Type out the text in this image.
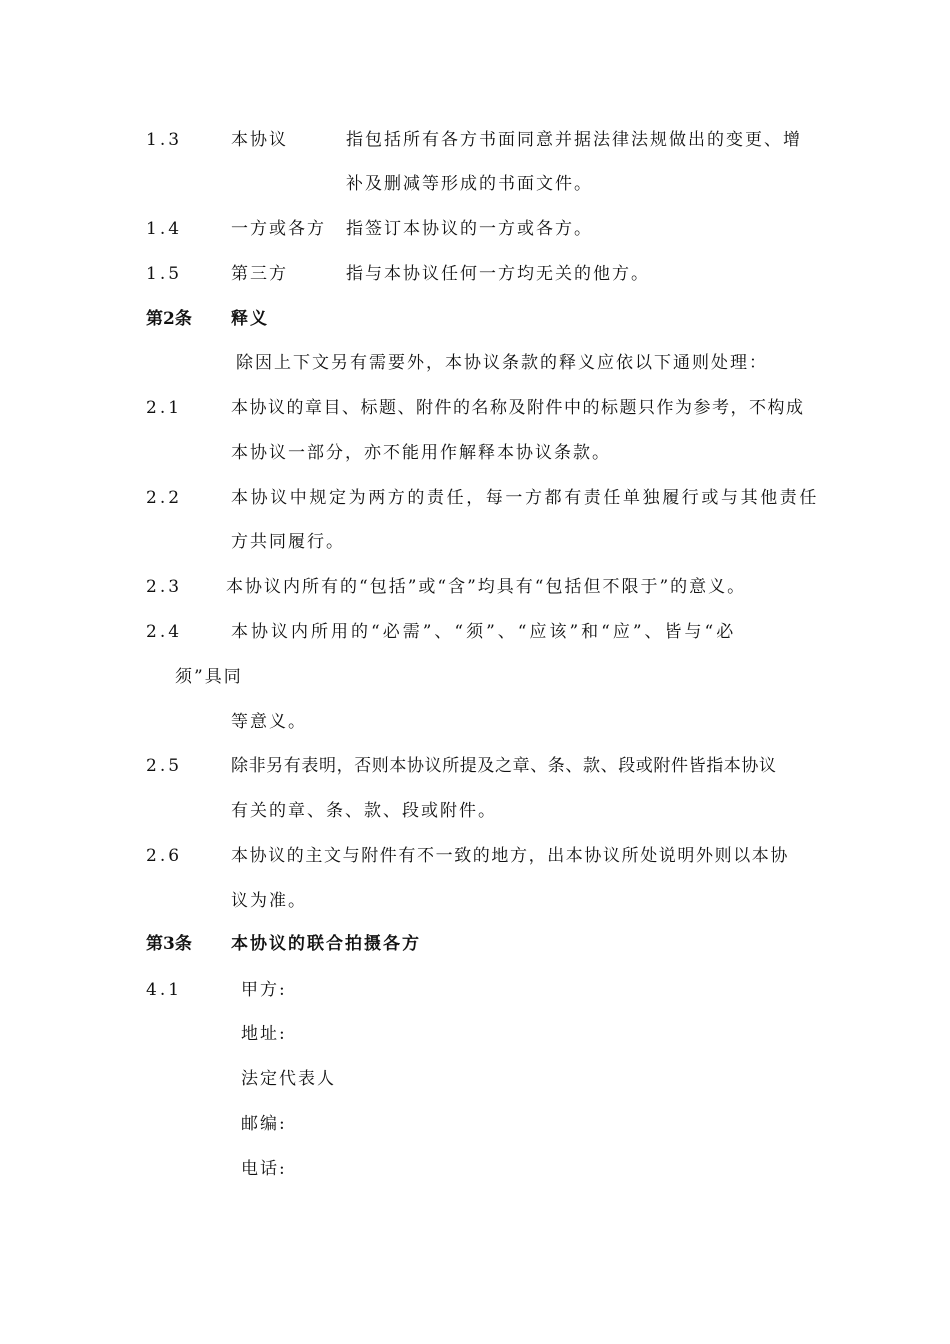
1.3	本协议	指包括所有各方书面同意并据法律法规做出的变更、增
补及删减等形成的书面文件。
1.4	一方或各方 指签订本协议的一方或各方。
1.5	第三方	指与本协议任何一方均无关的他方。
第2条 释义
除因上下文另有需要外，本协议条款的释义应依以下通则处理：
2.1	本协议的章目、标题、附件的名称及附件中的标题只作为参考，不构成
本协议一部分，亦不能用作解释本协议条款。
2.2	本协议中规定为两方的责任，每一方都有责任单独履行或与其他责任
方共同履行。
2.3	本协议内所有的“包括”或“含”均具有“包括但不限于”的意义。
2.4	本协议内所用的“必需”、“须”、“应该”和“应”、皆与“必
须”具同
等意义。
2.5	除非另有表明，否则本协议所提及之章、条、款、段或附件皆指本协议
有关的章、条、款、段或附件。
2.6	本协议的主文与附件有不一致的地方，出本协议所处说明外则以本协
议为准。
第3条 本协议的联合拍摄各方
4.1	甲方:
地址:
法定代表人
邮编:
电话:
